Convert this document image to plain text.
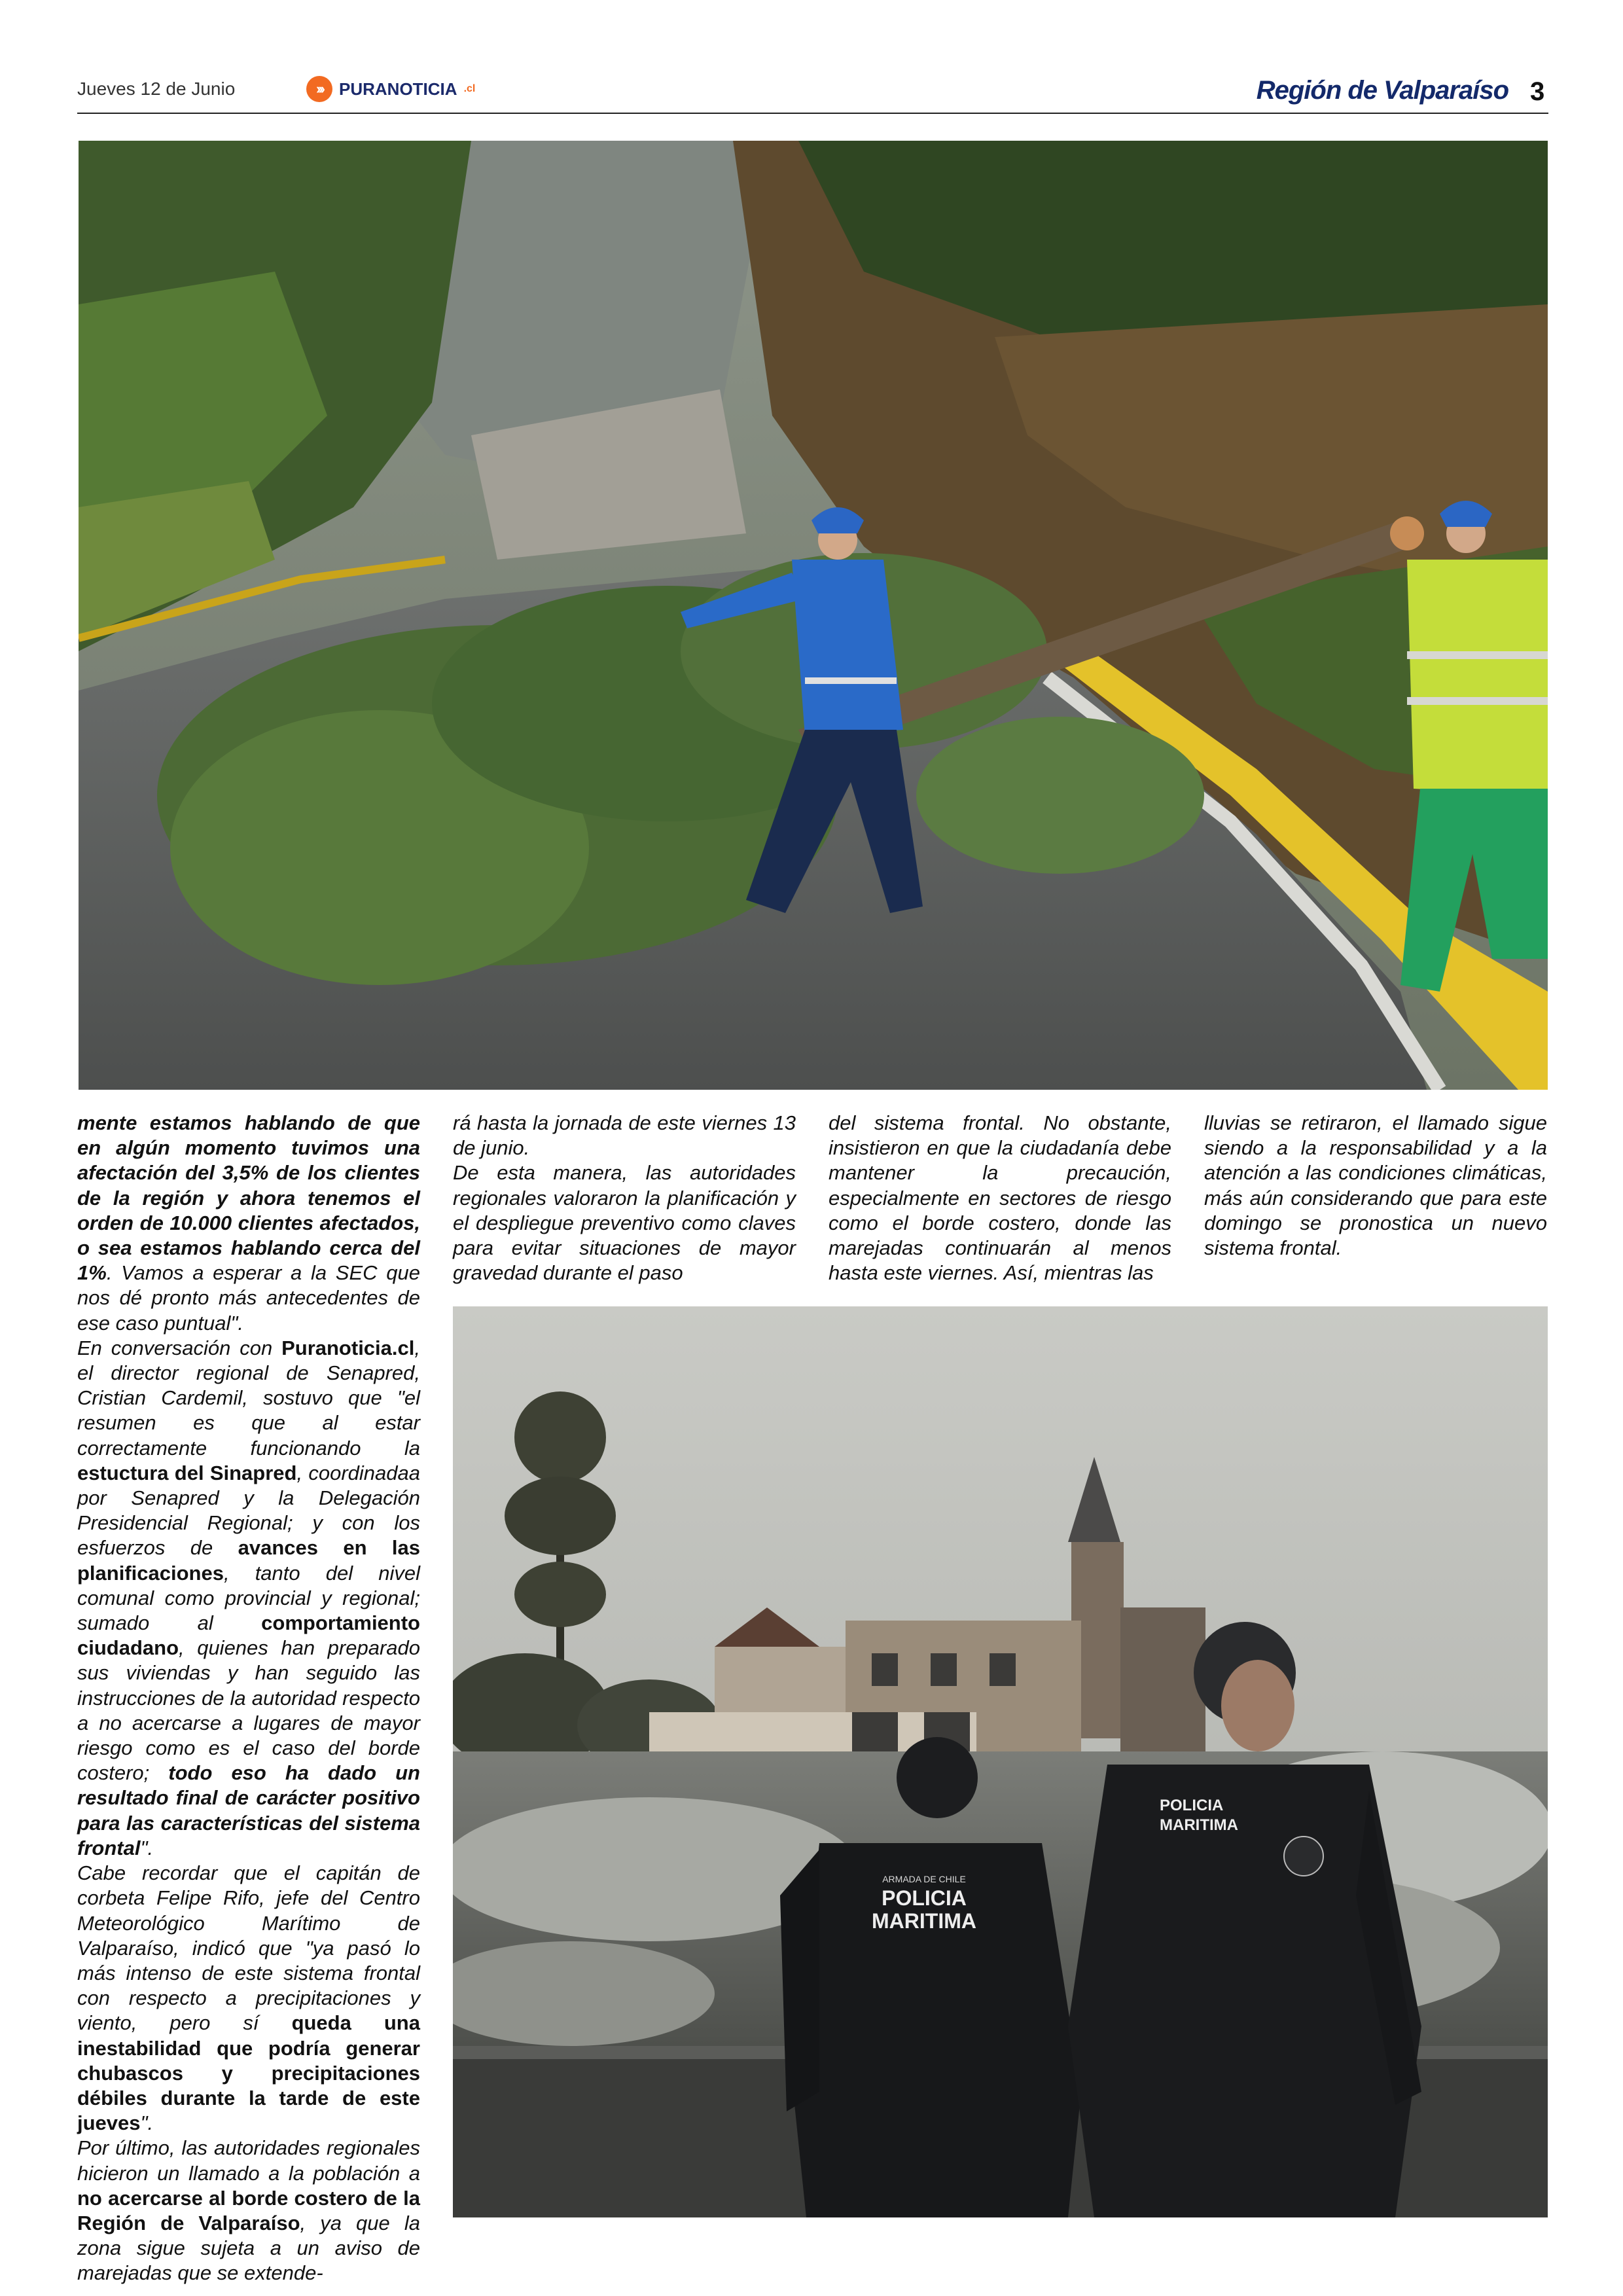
Jueves 12 de Junio	››› PURANOTICIA .cl	Región de Valparaíso 3

mente estamos hablando de que en algún momento tuvimos una afectación del 3,5% de los clientes de la región y ahora tenemos el orden de 10.000 clientes afectados, o sea estamos hablando cerca del 1%. Vamos a esperar a la SEC que nos dé pronto más antecedentes de ese caso puntual".
En conversación con Puranoticia.cl, el director regional de Senapred, Cristian Cardemil, sostuvo que "el resumen es que al estar correctamente funcionando la estuctura del Sinapred, coordinadaa por Senapred y la Delegación Presidencial Regional; y con los esfuerzos de avances en las planificaciones, tanto del nivel comunal como provincial y regional; sumado al comportamiento ciudadano, quienes han preparado sus viviendas y han seguido las instrucciones de la autoridad respecto a no acercarse a lugares de mayor riesgo como es el caso del borde costero; todo eso ha dado un resultado final de carácter positivo para las características del sistema frontal".
Cabe recordar que el capitán de corbeta Felipe Rifo, jefe del Centro Meteorológico Marítimo de Valparaíso, indicó que "ya pasó lo más intenso de este sistema frontal con respecto a precipitaciones y viento, pero sí queda una inestabilidad que podría generar chubascos y precipitaciones débiles durante la tarde de este jueves".
Por último, las autoridades regionales hicieron un llamado a la población a no acercarse al borde costero de la Región de Valparaíso, ya que la zona sigue sujeta a un aviso de marejadas que se extende-

rá hasta la jornada de este viernes 13 de junio.

De esta manera, las autoridades regionales valoraron la planificación y el despliegue preventivo como claves para evitar situaciones de mayor gravedad durante el paso

del sistema frontal. No obstante, insistieron en que la ciudadanía debe mantener la precaución, especialmente en sectores de riesgo como el borde costero, donde las marejadas continuarán al menos hasta este viernes. Así, mientras las

lluvias se retiraron, el llamado sigue siendo a la responsabilidad y a la atención a las condiciones climáticas, más aún considerando que para este domingo se pronostica un nuevo sistema frontal.

ARMADA DE CHILE
POLICIA
MARITIMA
POLICIA
MARITIMA
